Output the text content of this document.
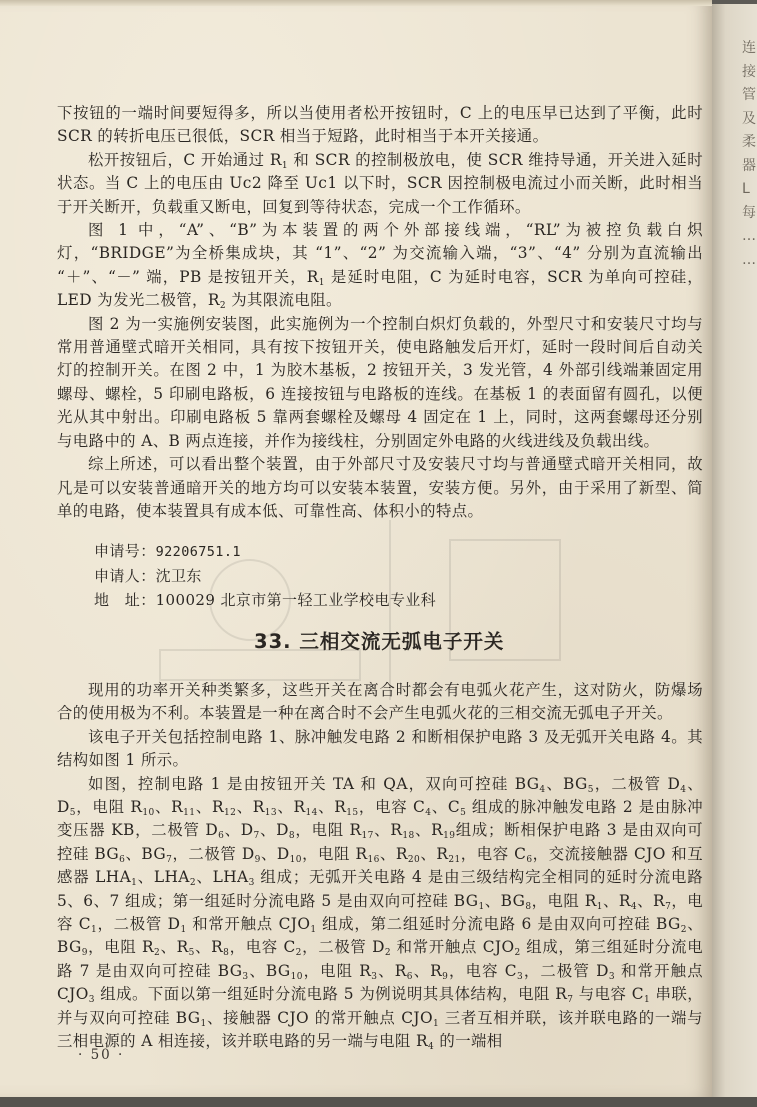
下按钮的一端时间要短得多，所以当使用者松开按钮时，C 上的电压早已达到了平衡，此时 SCR 的转折电压已很低，SCR 相当于短路，此时相当于本开关接通。

松开按钮后，C 开始通过 $R_1$ 和 SCR 的控制极放电，使 SCR 维持导通，开关进入延时状态。当 C 上的电压由 Uc2 降至 Uc1 以下时，SCR 因控制极电流过小而关断，此时相当于开关断开，负载重又断电，回复到等待状态，完成一个工作循环。

图 1 中，“A”、“B”为本装置的两个外部接线端，“RL”为被控负载白炽灯，“BRIDGE”为全桥集成块，其 “1”、“2” 为交流输入端，“3”、“4” 分别为直流输出 “＋”、“－” 端，PB 是按钮开关，$R_1$ 是延时电阻，C 为延时电容，SCR 为单向可控硅，LED 为发光二极管，$R_2$ 为其限流电阻。

图 2 为一实施例安装图，此实施例为一个控制白炽灯负载的，外型尺寸和安装尺寸均与常用普通壁式暗开关相同，具有按下按钮开关，使电路触发后开灯，延时一段时间后自动关灯的控制开关。在图 2 中，1 为胶木基板，2 按钮开关，3 发光管，4 外部引线端兼固定用螺母、螺栓，5 印刷电路板，6 连接按钮与电路板的连线。在基板 1 的表面留有圆孔，以便光从其中射出。印刷电路板 5 靠两套螺栓及螺母 4 固定在 1 上，同时，这两套螺母还分别与电路中的 A、B 两点连接，并作为接线柱，分别固定外电路的火线进线及负载出线。

综上所述，可以看出整个装置，由于外部尺寸及安装尺寸均与普通壁式暗开关相同，故凡是可以安装普通暗开关的地方均可以安装本装置，安装方便。另外，由于采用了新型、简单的电路，使本装置具有成本低、可靠性高、体积小的特点。

申请号：92206751.1
申请人：沈卫东
地　址：100029 北京市第一轻工业学校电专业科
33. 三相交流无弧电子开关

现用的功率开关种类繁多，这些开关在离合时都会有电弧火花产生，这对防火，防爆场合的使用极为不利。本装置是一种在离合时不会产生电弧火花的三相交流无弧电子开关。

该电子开关包括控制电路 1、脉冲触发电路 2 和断相保护电路 3 及无弧开关电路 4。其结构如图 1 所示。

如图，控制电路 1 是由按钮开关 TA 和 QA，双向可控硅 $BG_4$、$BG_5$，二极管 $D_4$、$D_5$，电阻 $R_{10}$、$R_{11}$、$R_{12}$、$R_{13}$、$R_{14}$、$R_{15}$，电容 $C_4$、$C_5$ 组成的脉冲触发电路 2 是由脉冲变压器 KB，二极管 $D_6$、$D_7$、$D_8$，电阻 $R_{17}$、$R_{18}$、$R_{19}$组成；断相保护电路 3 是由双向可控硅 $BG_6$、$BG_7$，二极管 $D_9$、$D_{10}$，电阻 $R_{16}$、$R_{20}$、$R_{21}$，电容 $C_6$，交流接触器 CJO 和互感器 $LHA_1$、$LHA_2$、$LHA_3$ 组成；无弧开关电路 4 是由三级结构完全相同的延时分流电路 5、6、7 组成；第一组延时分流电路 5 是由双向可控硅 $BG_1$、$BG_8$，电阻 $R_1$、$R_4$、$R_7$，电容 $C_1$，二极管 $D_1$ 和常开触点 $CJO_1$ 组成，第二组延时分流电路 6 是由双向可控硅 $BG_2$、$BG_9$，电阻 $R_2$、$R_5$、$R_8$，电容 $C_2$，二极管 $D_2$ 和常开触点 $CJO_2$ 组成，第三组延时分流电路 7 是由双向可控硅 $BG_3$、$BG_{10}$，电阻 $R_3$、$R_6$、$R_9$，电容 $C_3$，二极管 $D_3$ 和常开触点 $CJO_3$ 组成。下面以第一组延时分流电路 5 为例说明其具体结构，电阻 $R_7$ 与电容 $C_1$ 串联，并与双向可控硅 $BG_1$、接触器 CJO 的常开触点 $CJO_1$ 三者互相并联，该并联电路的一端与三相电源的 A 相连接，该并联电路的另一端与电阻 $R_4$ 的一端相

· 50 ·
连
接
管
及
柔
器
L
每
…
…
